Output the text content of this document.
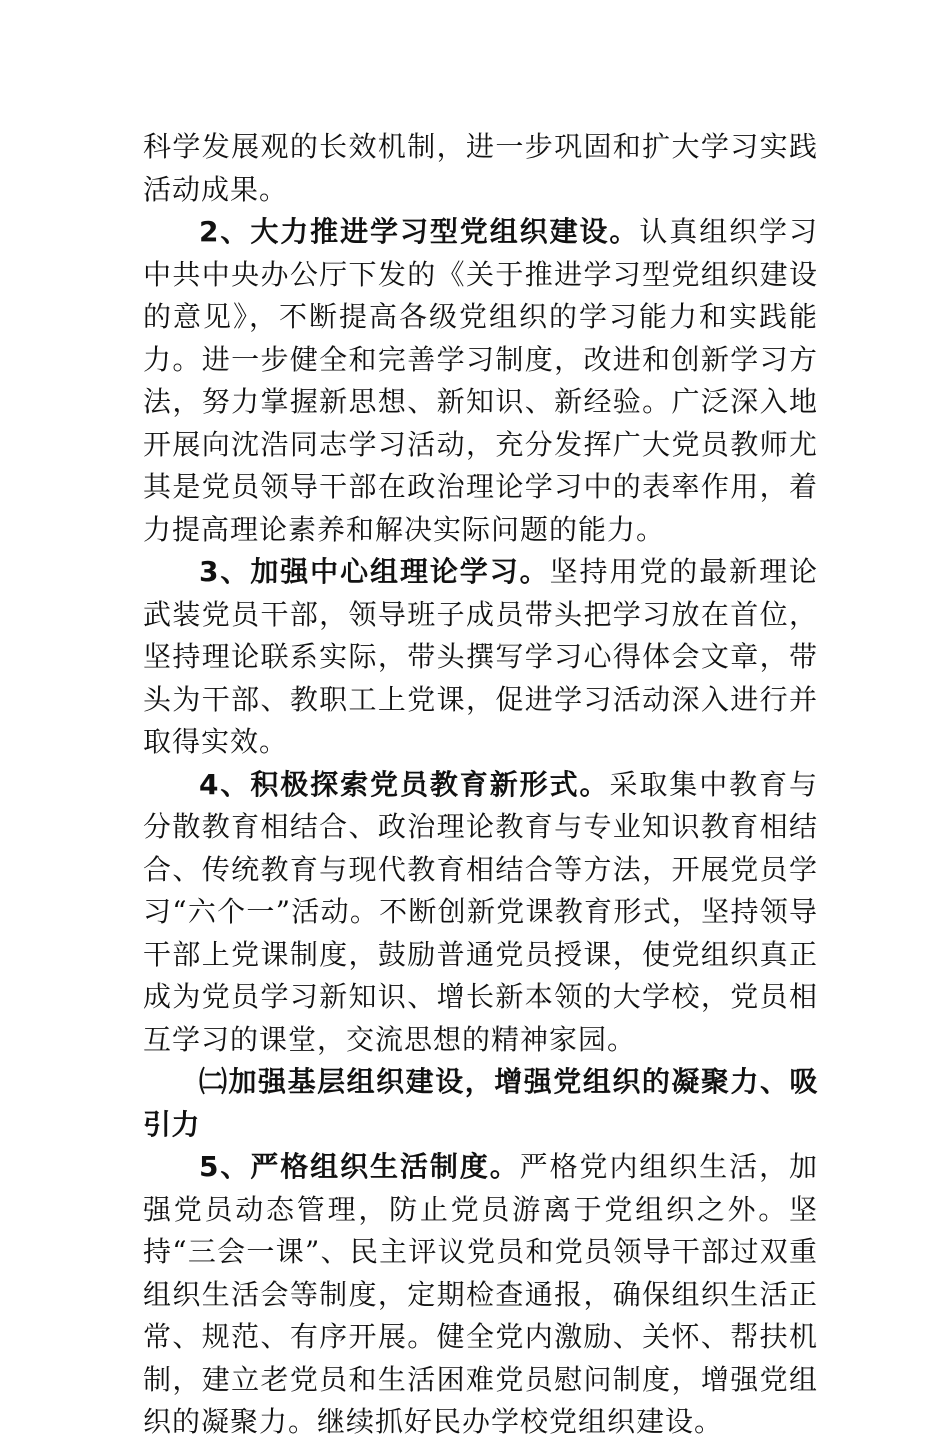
科学发展观的长效机制，进一步巩固和扩大学习实践活动成果。

2、大力推进学习型党组织建设。认真组织学习中共中央办公厅下发的《关于推进学习型党组织建设的意见》，不断提高各级党组织的学习能力和实践能力。进一步健全和完善学习制度，改进和创新学习方法，努力掌握新思想、新知识、新经验。广泛深入地开展向沈浩同志学习活动，充分发挥广大党员教师尤其是党员领导干部在政治理论学习中的表率作用，着力提高理论素养和解决实际问题的能力。

3、加强中心组理论学习。坚持用党的最新理论武装党员干部，领导班子成员带头把学习放在首位，坚持理论联系实际，带头撰写学习心得体会文章，带头为干部、教职工上党课，促进学习活动深入进行并取得实效。

4、积极探索党员教育新形式。采取集中教育与分散教育相结合、政治理论教育与专业知识教育相结合、传统教育与现代教育相结合等方法，开展党员学习“六个一”活动。不断创新党课教育形式，坚持领导干部上党课制度，鼓励普通党员授课，使党组织真正成为党员学习新知识、增长新本领的大学校，党员相互学习的课堂，交流思想的精神家园。

㈡加强基层组织建设，增强党组织的凝聚力、吸引力

5、严格组织生活制度。严格党内组织生活，加强党员动态管理，防止党员游离于党组织之外。坚持“三会一课”、民主评议党员和党员领导干部过双重组织生活会等制度，定期检查通报，确保组织生活正常、规范、有序开展。健全党内激励、关怀、帮扶机制，建立老党员和生活困难党员慰问制度，增强党组织的凝聚力。继续抓好民办学校党组织建设。
